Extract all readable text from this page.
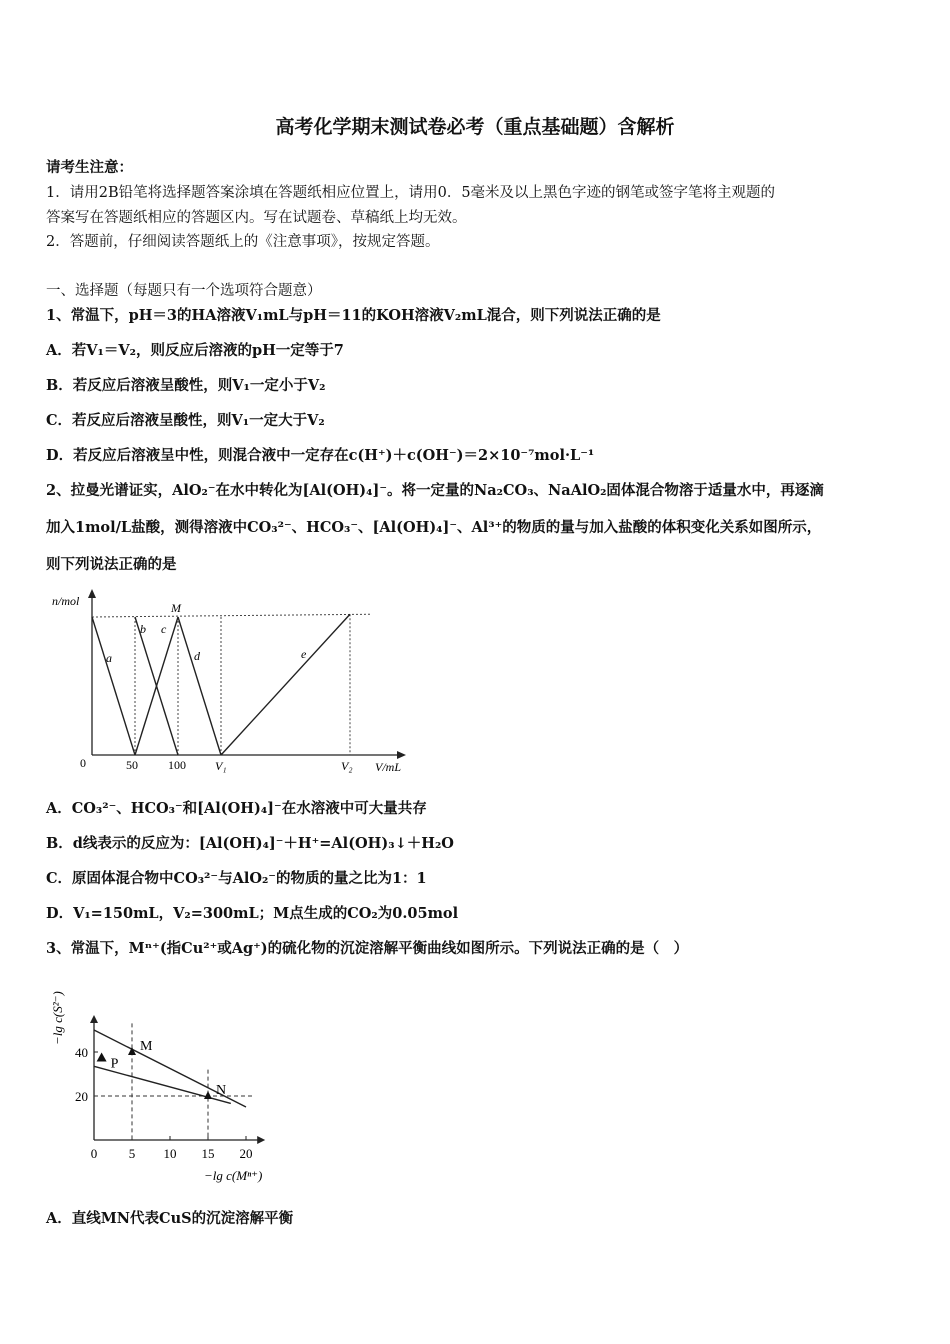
高考化学期末测试卷必考（重点基础题）含解析
请考生注意：
1．请用2B铅笔将选择题答案涂填在答题纸相应位置上，请用0．5毫米及以上黑色字迹的钢笔或签字笔将主观题的
答案写在答题纸相应的答题区内。写在试题卷、草稿纸上均无效。
2．答题前，仔细阅读答题纸上的《注意事项》，按规定答题。
一、选择题（每题只有一个选项符合题意）
1、常温下，pH＝3的HA溶液V₁mL与pH＝11的KOH溶液V₂mL混合，则下列说法正确的是
A．若V₁＝V₂，则反应后溶液的pH一定等于7
B．若反应后溶液呈酸性，则V₁一定小于V₂
C．若反应后溶液呈酸性，则V₁一定大于V₂
D．若反应后溶液呈中性，则混合液中一定存在c(H⁺)＋c(OH⁻)＝2×10⁻⁷mol·L⁻¹
2、拉曼光谱证实，AlO₂⁻在水中转化为[Al(OH)₄]⁻。将一定量的Na₂CO₃、NaAlO₂固体混合物溶于适量水中，再逐滴
加入1mol/L盐酸，测得溶液中CO₃²⁻、HCO₃⁻、[Al(OH)₄]⁻、Al³⁺的物质的量与加入盐酸的体积变化关系如图所示，
则下列说法正确的是
n/mol
V/mL
M
a
b c
d	e
0	50	100 V₁	V₂
A．CO₃²⁻、HCO₃⁻和[Al(OH)₄]⁻在水溶液中可大量共存
B．d线表示的反应为：[Al(OH)₄]⁻＋H⁺=Al(OH)₃↓＋H₂O
C．原固体混合物中CO₃²⁻与AlO₂⁻的物质的量之比为1：1
D．V₁=150mL，V₂=300mL；M点生成的CO₂为0.05mol
3、常温下，Mⁿ⁺(指Cu²⁺或Ag⁺)的硫化物的沉淀溶解平衡曲线如图所示。下列说法正确的是（　）
0 5 10 15 20
20
40	M
N
P
−lg c(S²⁻)
−lg c(Mⁿ⁺)
A．直线MN代表CuS的沉淀溶解平衡
